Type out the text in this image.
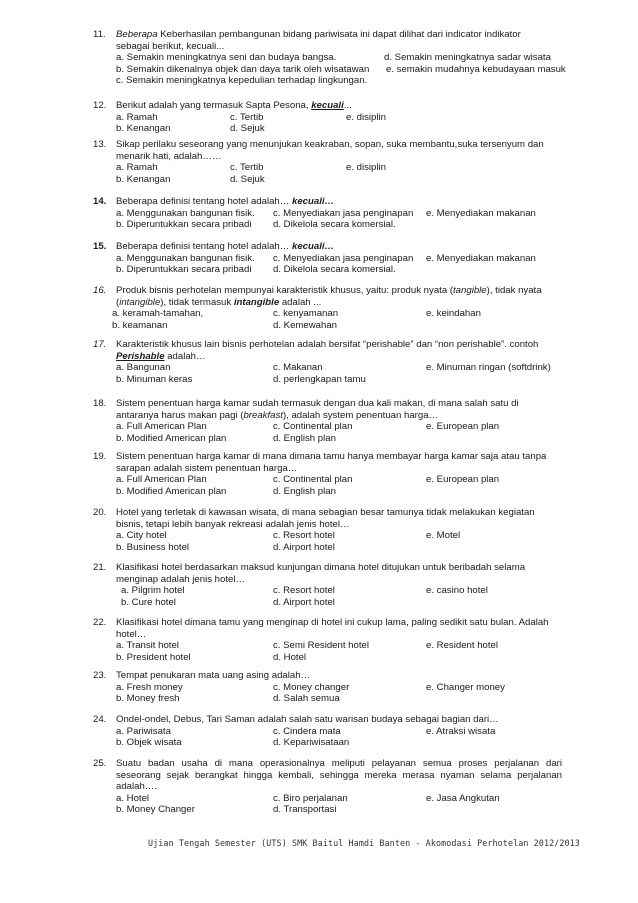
11.	Beberapa Keberhasilan pembangunan bidang pariwisata ini dapat dilihat dari indicator indikator
sebagai berikut, kecuali...
a. Semakin meningkatnya seni dan budaya bangsa.	d. Semakin meningkatnya sadar wisata
b. Semakin dikenalnya objek dan daya tarik oleh wisatawan e. semakin mudahnya kebudayaan masuk
c. Semakin meningkatnya kepedulian terhadap lingkungan.
12.	Berikut adalah yang termasuk Sapta Pesona, kecuali...
a. Ramah	c. Tertib	e. disiplin
b. Kenangan	d. Sejuk
13.	Sikap perilaku seseorang yang menunjukan keakraban, sopan, suka membantu,suka tersenyum dan
menarik hati, adalah……
a. Ramah	c. Tertib	e. disiplin
b. Kenangan	d. Sejuk
14.	Beberapa definisi tentang hotel adalah… kecuali…
a. Menggunakan bangunan fisik. c. Menyediakan jasa penginapan e. Menyediakan makanan
b. Diperuntukkan secara pribadi d. Dikelola secara komersial.
15.	Beberapa definisi tentang hotel adalah… kecuali…
a. Menggunakan bangunan fisik. c. Menyediakan jasa penginapan e. Menyediakan makanan
b. Diperuntukkan secara pribadi d. Dikelola secara komersial.
16.	Produk bisnis perhotelan mempunyai karakteristik khusus, yaitu: produk nyata (tangible), tidak nyata
(intangible), tidak termasuk intangible adalah ...
a. keramah-tamahan,	c. kenyamanan	e. keindahan
b. keamanan	d. Kemewahan
17.	Karakteristik khusus lain bisnis perhotelan adalah bersifat “perishable” dan “non perishable”. contoh
Perishable adalah…
a. Bangunan	c. Makanan	e. Minuman ringan (softdrink)
b. Minuman keras	d. perlengkapan tamu
18.	Sistem penentuan harga kamar sudah termasuk dengan dua kali makan, di mana salah satu di
antaranya harus makan pagi (breakfast), adalah system penentuan harga…
a. Full American Plan	c. Continental plan	e. European plan
b. Modified American plan	d. English plan
19.	Sistem penentuan harga kamar di mana dimana tamu hanya membayar harga kamar saja atau tanpa
sarapan adalah sistem penentuan harga…
a. Full American Plan	c. Continental plan	e. European plan
b. Modified American plan	d. English plan
20.	Hotel yang terletak di kawasan wisata, di mana sebagian besar tamunya tidak melakukan kegiatan
bisnis, tetapi lebih banyak rekreasi adalah jenis hotel…
a. City hotel	c. Resort hotel	e. Motel
b. Business hotel	d. Airport hotel
21.	Klasifikasi hotel berdasarkan maksud kunjungan dimana hotel ditujukan untuk beribadah selama
menginap adalah jenis hotel…
a. Pilgrim hotel	c. Resort hotel	e. casino hotel
b. Cure hotel	d. Airport hotel
22.	Klasifikasi hotel dimana tamu yang menginap di hotel ini cukup lama, paling sedikit satu bulan. Adalah
hotel…
a. Transit hotel	c. Semi Resident hotel	e. Resident hotel
b. President hotel	d. Hotel
23.	Tempat penukaran mata uang asing adalah…
a. Fresh money	c. Money changer	e. Changer money
b. Money fresh	d. Salah semua
24.	Ondel-ondel, Debus, Tari Saman adalah salah satu warisan budaya sebagai bagian dari…
a. Pariwisata	c. Cindera mata	e. Atraksi wisata
b. Objek wisata	d. Kepariwisataan
25.	Suatu badan usaha di mana operasionalnya meliputi pelayanan semua proses perjalanan dari
seseorang sejak berangkat hingga kembali, sehingga mereka merasa nyaman selama perjalanan
adalah….
a. Hotel	c. Biro perjalanan	e. Jasa Angkutan
b. Money Changer	d. Transportasi
Ujian Tengah Semester (UTS) SMK Baitul Hamdi Banten - Akomodasi Perhotelan 2012/2013
